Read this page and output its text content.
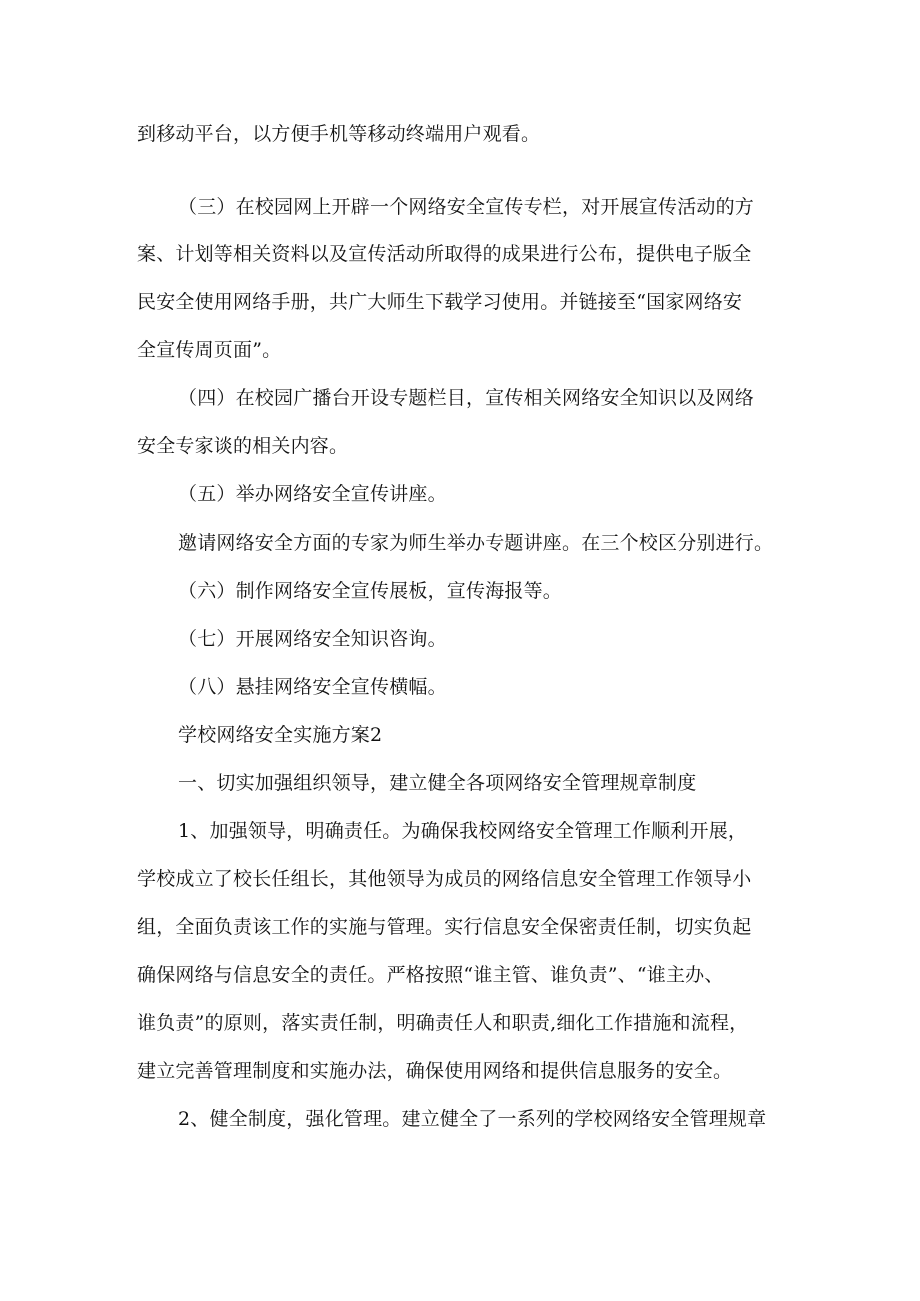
到移动平台，以方便手机等移动终端用户观看。
（三）在校园网上开辟一个网络安全宣传专栏，对开展宣传活动的方
案、计划等相关资料以及宣传活动所取得的成果进行公布，提供电子版全
民安全使用网络手册，共广大师生下载学习使用。并链接至“国家网络安
全宣传周页面”。
（四）在校园广播台开设专题栏目，宣传相关网络安全知识以及网络
安全专家谈的相关内容。
（五）举办网络安全宣传讲座。
邀请网络安全方面的专家为师生举办专题讲座。在三个校区分别进行。
（六）制作网络安全宣传展板，宣传海报等。
（七）开展网络安全知识咨询。
（八）悬挂网络安全宣传横幅。
学校网络安全实施方案2
一、切实加强组织领导，建立健全各项网络安全管理规章制度
1、加强领导，明确责任。为确保我校网络安全管理工作顺利开展，
学校成立了校长任组长，其他领导为成员的网络信息安全管理工作领导小
组，全面负责该工作的实施与管理。实行信息安全保密责任制，切实负起
确保网络与信息安全的责任。严格按照“谁主管、谁负责”、“谁主办、
谁负责”的原则，落实责任制，明确责任人和职责,细化工作措施和流程，
建立完善管理制度和实施办法，确保使用网络和提供信息服务的安全。
2、健全制度，强化管理。建立健全了一系列的学校网络安全管理规章
